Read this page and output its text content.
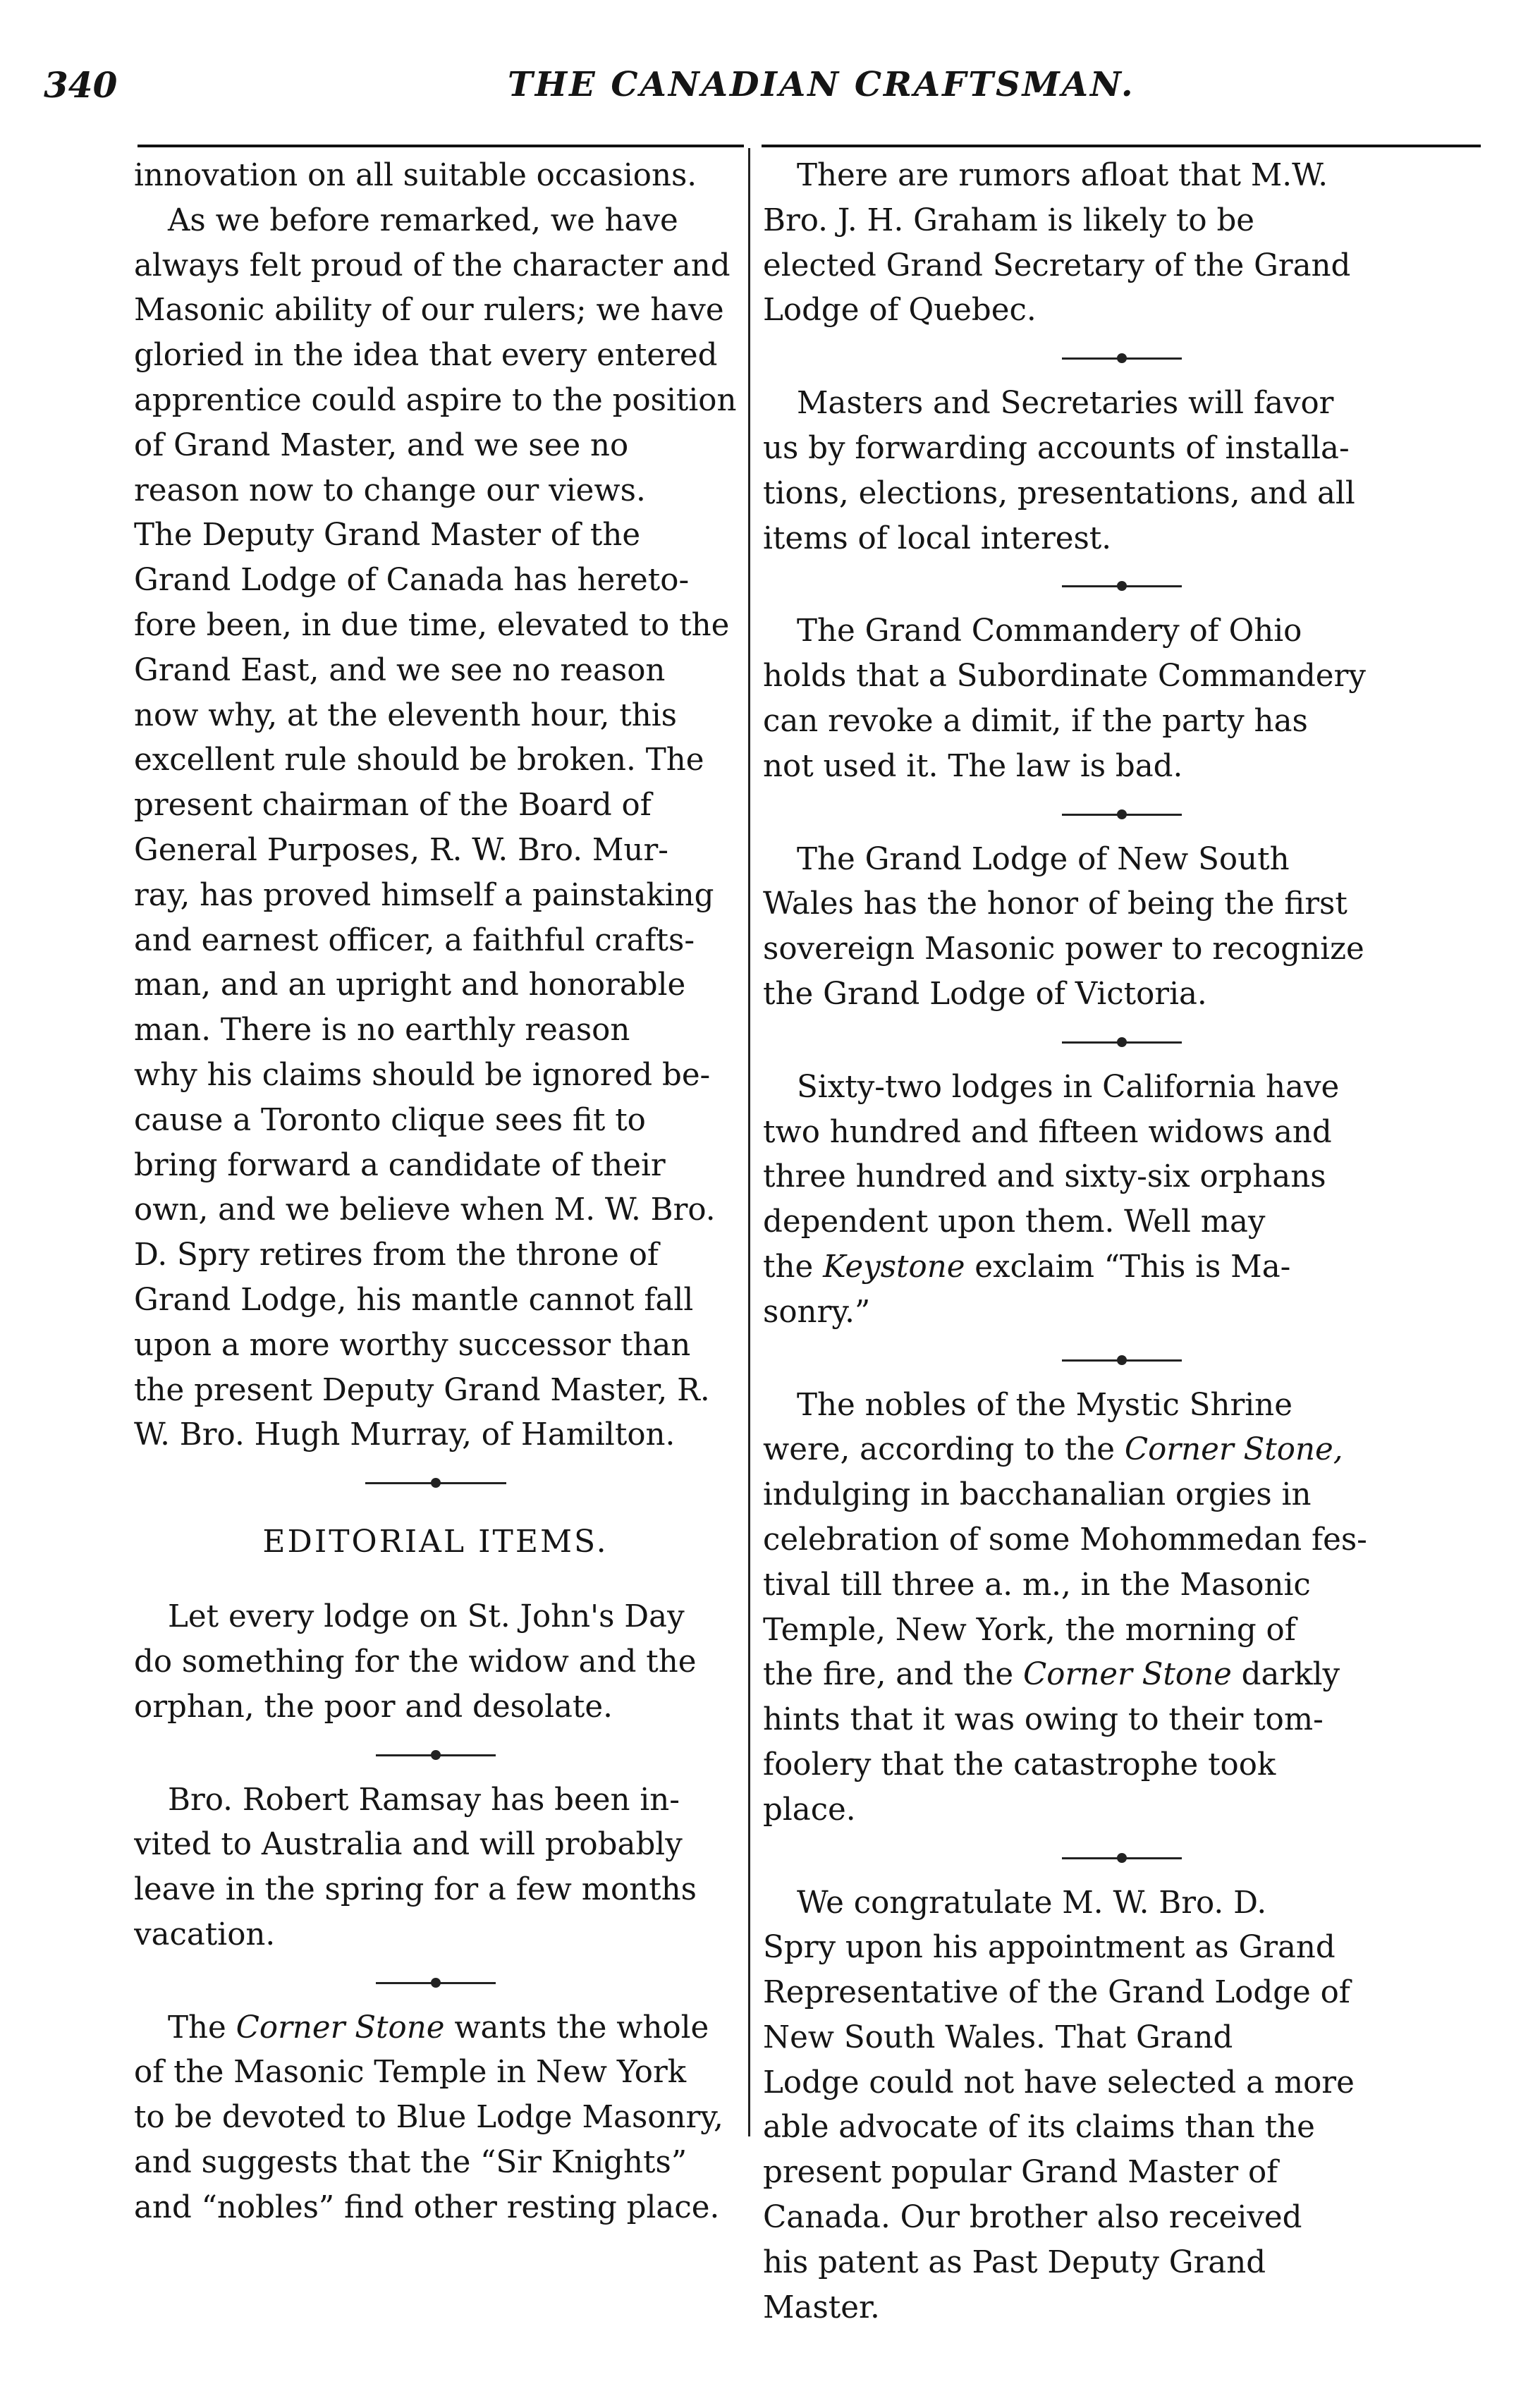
340	THE CANADIAN CRAFTSMAN.
innovation on all suitable occasions.
As we before remarked, we have
always felt proud of the character and
Masonic ability of our rulers; we have
gloried in the idea that every entered
apprentice could aspire to the position
of Grand Master, and we see no
reason now to change our views.
The Deputy Grand Master of the
Grand Lodge of Canada has hereto-
fore been, in due time, elevated to the
Grand East, and we see no reason
now why, at the eleventh hour, this
excellent rule should be broken. The
present chairman of the Board of
General Purposes, R. W. Bro. Mur-
ray, has proved himself a painstaking
and earnest officer, a faithful crafts-
man, and an upright and honorable
man. There is no earthly reason
why his claims should be ignored be-
cause a Toronto clique sees fit to
bring forward a candidate of their
own, and we believe when M. W. Bro.
D. Spry retires from the throne of
Grand Lodge, his mantle cannot fall
upon a more worthy successor than
the present Deputy Grand Master, R.
W. Bro. Hugh Murray, of Hamilton.
EDITORIAL ITEMS.
Let every lodge on St. John's Day
do something for the widow and the
orphan, the poor and desolate.
Bro. Robert Ramsay has been in-
vited to Australia and will probably
leave in the spring for a few months
vacation.
The Corner Stone wants the whole
of the Masonic Temple in New York
to be devoted to Blue Lodge Masonry,
and suggests that the “Sir Knights”
and “nobles” find other resting place.
There are rumors afloat that M.W.
Bro. J. H. Graham is likely to be
elected Grand Secretary of the Grand
Lodge of Quebec.
Masters and Secretaries will favor
us by forwarding accounts of installa-
tions, elections, presentations, and all
items of local interest.
The Grand Commandery of Ohio
holds that a Subordinate Commandery
can revoke a dimit, if the party has
not used it. The law is bad.
The Grand Lodge of New South
Wales has the honor of being the first
sovereign Masonic power to recognize
the Grand Lodge of Victoria.
Sixty-two lodges in California have
two hundred and fifteen widows and
three hundred and sixty-six orphans
dependent upon them. Well may
the Keystone exclaim “This is Ma-
sonry.”
The nobles of the Mystic Shrine
were, according to the Corner Stone,
indulging in bacchanalian orgies in
celebration of some Mohommedan fes-
tival till three a. m., in the Masonic
Temple, New York, the morning of
the fire, and the Corner Stone darkly
hints that it was owing to their tom-
foolery that the catastrophe took
place.
We congratulate M. W. Bro. D.
Spry upon his appointment as Grand
Representative of the Grand Lodge of
New South Wales. That Grand
Lodge could not have selected a more
able advocate of its claims than the
present popular Grand Master of
Canada. Our brother also received
his patent as Past Deputy Grand
Master.
